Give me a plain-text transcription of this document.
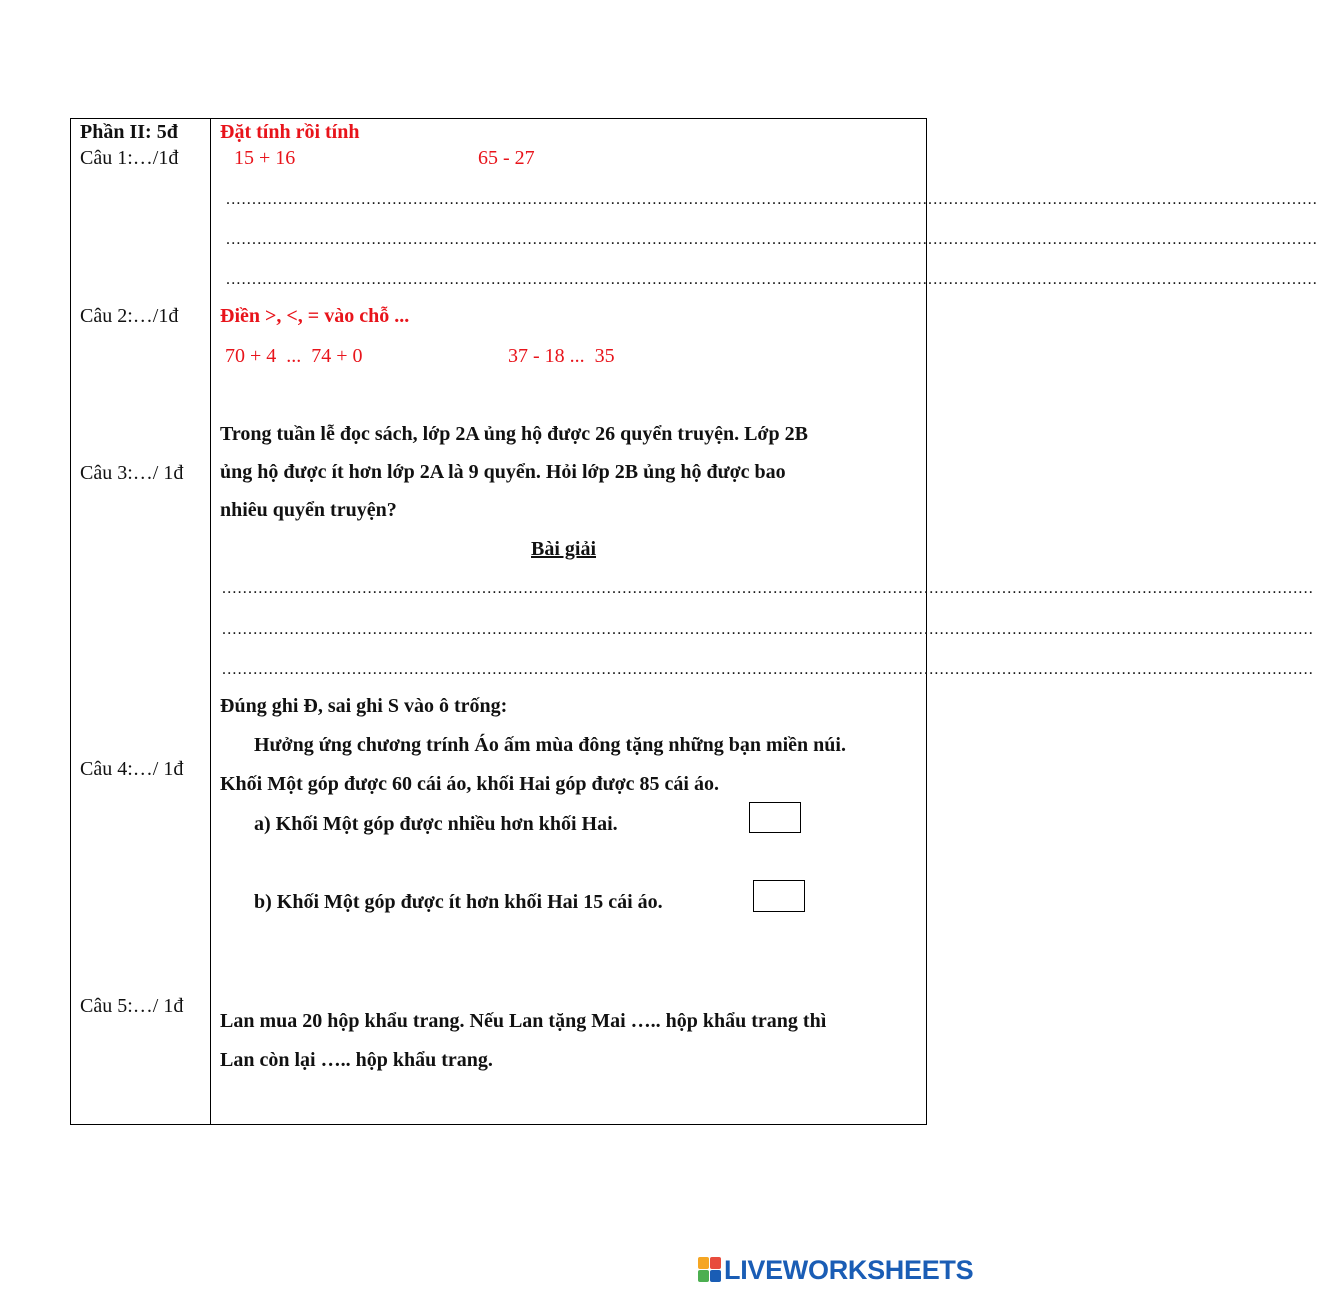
Phần II: 5đ
Câu 1:…/1đ
Câu 2:…/1đ
Câu 3:…/ 1đ
Câu 4:…/ 1đ
Câu 5:…/ 1đ
Đặt tính rồi tính
15 + 16	65 - 27
..................................................................................................................................................................................................................
..................................................................................................................................................................................................................
..................................................................................................................................................................................................................
Điền >, <, = vào chỗ ...
70 + 4  ...  74 + 0	37 - 18 ...  35
Trong tuần lễ đọc sách, lớp 2A ủng hộ được 26 quyển truyện. Lớp 2B
ủng hộ được ít hơn lớp 2A là 9 quyển. Hỏi lớp 2B ủng hộ được bao
nhiêu quyển truyện?
Bài giải
..................................................................................................................................................................................................................
..................................................................................................................................................................................................................
..................................................................................................................................................................................................................
Đúng ghi Đ, sai ghi S vào ô trống:
Hưởng ứng chương trính Áo ấm mùa đông tặng những bạn miền núi.
Khối Một góp được 60 cái áo, khối Hai góp được 85 cái áo.
a) Khối Một góp được nhiều hơn khối Hai.
b) Khối Một góp được ít hơn khối Hai 15 cái áo.
Lan mua 20 hộp khẩu trang. Nếu Lan tặng Mai ….. hộp khẩu trang thì
Lan còn lại ….. hộp khẩu trang.
LIVEWORKSHEETS
